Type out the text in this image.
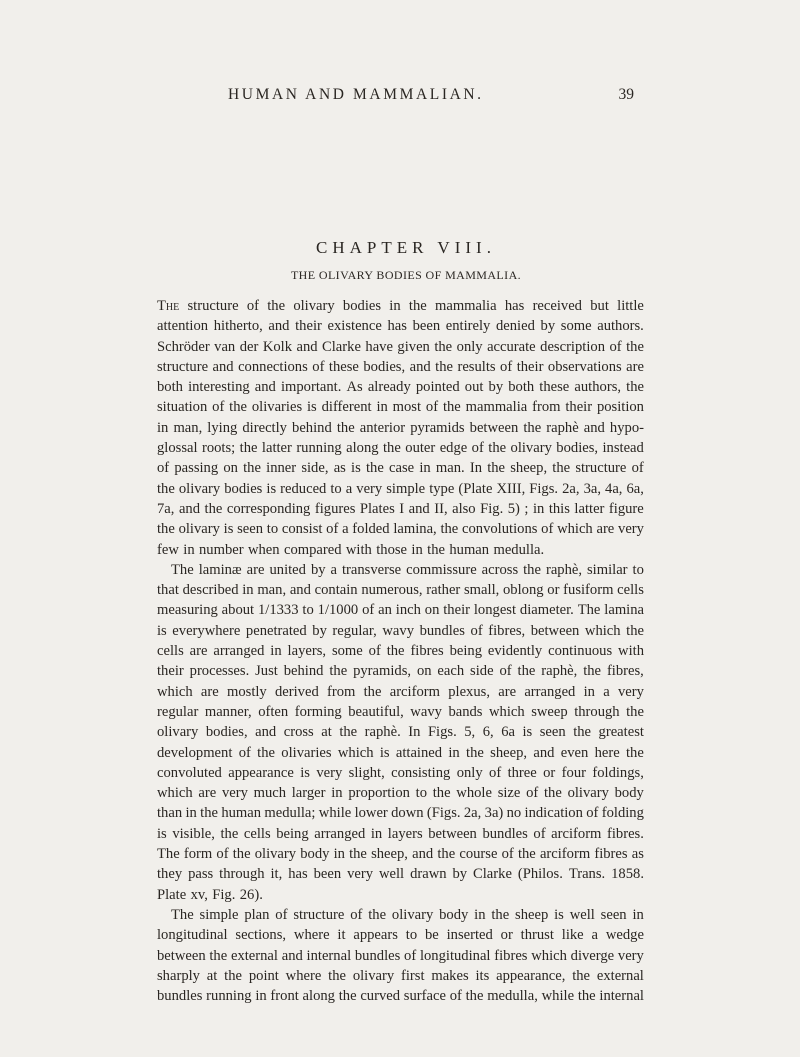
HUMAN AND MAMMALIAN.	39
CHAPTER VIII.
THE OLIVARY BODIES OF MAMMALIA.
The structure of the olivary bodies in the mammalia has received but little
attention hitherto, and their existence has been entirely denied by some authors.
Schröder van der Kolk and Clarke have given the only accurate description of the
structure and connections of these bodies, and the results of their observations are
both interesting and important. As already pointed out by both these authors, the
situation of the olivaries is different in most of the mammalia from their position
in man, lying directly behind the anterior pyramids between the raphè and hypo-
glossal roots; the latter running along the outer edge of the olivary bodies, instead
of passing on the inner side, as is the case in man. In the sheep, the structure of
the olivary bodies is reduced to a very simple type (Plate XIII, Figs. 2a, 3a, 4a, 6a,
7a, and the corresponding figures Plates I and II, also Fig. 5) ; in this latter figure
the olivary is seen to consist of a folded lamina, the convolutions of which are very
few in number when compared with those in the human medulla.
The laminæ are united by a transverse commissure across the raphè, similar to
that described in man, and contain numerous, rather small, oblong or fusiform cells
measuring about 1/1333 to 1/1000 of an inch on their longest diameter. The lamina
is everywhere penetrated by regular, wavy bundles of fibres, between which the
cells are arranged in layers, some of the fibres being evidently continuous with
their processes. Just behind the pyramids, on each side of the raphè, the fibres,
which are mostly derived from the arciform plexus, are arranged in a very
regular manner, often forming beautiful, wavy bands which sweep through the
olivary bodies, and cross at the raphè. In Figs. 5, 6, 6a is seen the greatest
development of the olivaries which is attained in the sheep, and even here the
convoluted appearance is very slight, consisting only of three or four foldings,
which are very much larger in proportion to the whole size of the olivary body
than in the human medulla; while lower down (Figs. 2a, 3a) no indication of folding
is visible, the cells being arranged in layers between bundles of arciform fibres.
The form of the olivary body in the sheep, and the course of the arciform fibres as
they pass through it, has been very well drawn by Clarke (Philos. Trans. 1858.
Plate xv, Fig. 26).
The simple plan of structure of the olivary body in the sheep is well seen in
longitudinal sections, where it appears to be inserted or thrust like a wedge
between the external and internal bundles of longitudinal fibres which diverge very
sharply at the point where the olivary first makes its appearance, the external
bundles running in front along the curved surface of the medulla, while the internal
